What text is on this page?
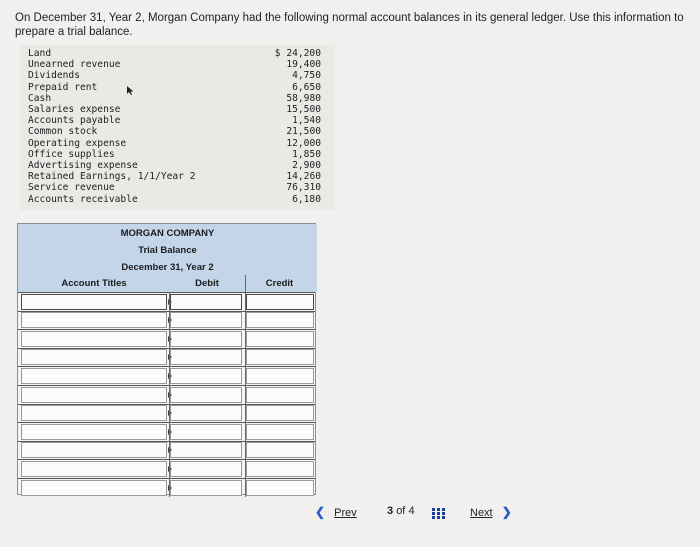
On December 31, Year 2, Morgan Company had the following normal account balances in its general ledger. Use this information to prepare a trial balance.
Land	$ 24,200
Unearned revenue	19,400
Dividends	4,750
Prepaid rent	6,650
Cash	58,980
Salaries expense	15,500
Accounts payable	1,540
Common stock	21,500
Operating expense	12,000
Office supplies	1,850
Advertising expense	2,900
Retained Earnings, 1/1/Year 2	14,260
Service revenue	76,310
Accounts receivable	6,180
MORGAN COMPANY
Trial Balance
December 31, Year 2
Account Titles	Debit	Credit
❮ Prev	3 of 4	Next ❯
